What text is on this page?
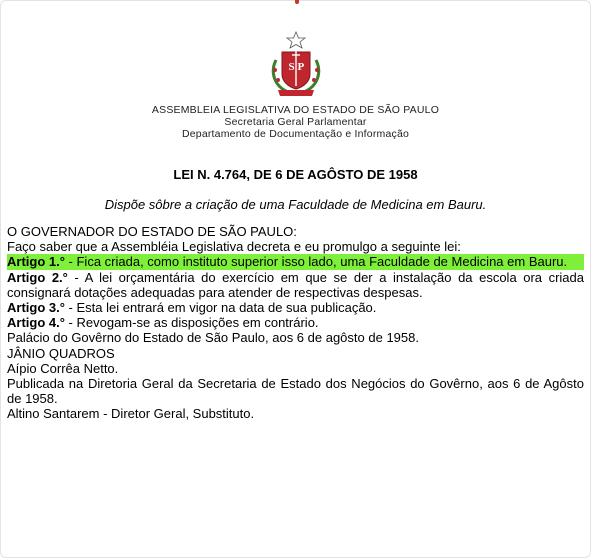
S P
ASSEMBLEIA LEGISLATIVA DO ESTADO DE SÃO PAULO
Secretaria Geral Parlamentar
Departamento de Documentação e Informação
LEI N. 4.764, DE 6 DE AGÔSTO DE 1958
Dispõe sôbre a criação de uma Faculdade de Medicina em Bauru.

O GOVERNADOR DO ESTADO DE SÃO PAULO:

Faço saber que a Assembléia Legislativa decreta e eu promulgo a seguinte lei:

Artigo 1.° - Fica criada, como instituto superior isso lado, uma Faculdade de Medicina em Bauru.

Artigo 2.° - A lei orçamentária do exercício em que se der a instalação da escola ora criada consignará dotações adequadas para atender de respectivas despesas.

Artigo 3.° - Esta lei entrará em vigor na data de sua publicação.

Artigo 4.° - Revogam-se as disposições em contrário.

Palácio do Govêrno do Estado de São Paulo, aos 6 de agôsto de 1958.

JÂNIO QUADROS

Aípio Corrêa Netto.

Publicada na Diretoria Geral da Secretaria de Estado dos Negócios do Govêrno, aos 6 de Agôsto de 1958.

Altino Santarem - Diretor Geral, Substituto.
